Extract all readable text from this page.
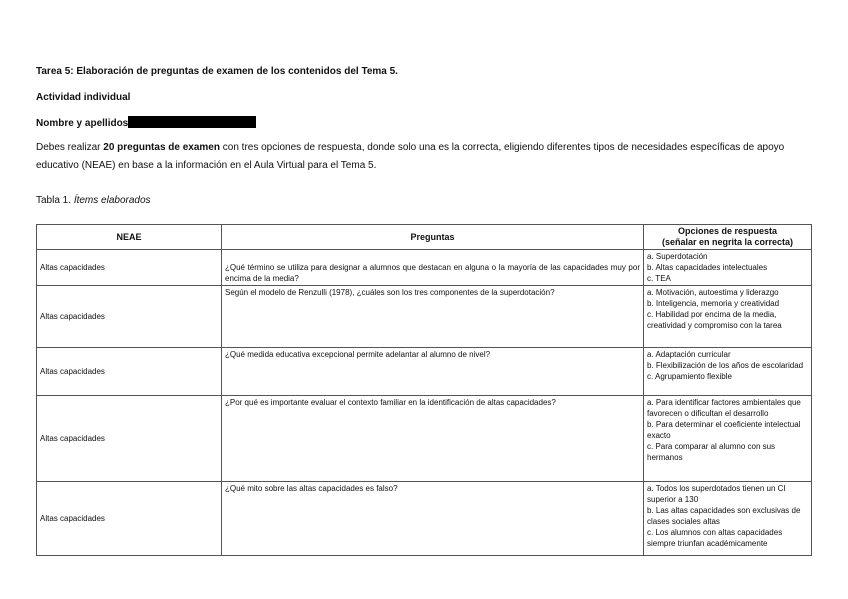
Tarea 5: Elaboración de preguntas de examen de los contenidos del Tema 5.
Actividad individual
Nombre y apellidos
Debes realizar 20 preguntas de examen con tres opciones de respuesta, donde solo una es la correcta, eligiendo diferentes tipos de necesidades específicas de apoyo educativo (NEAE) en base a la información en el Aula Virtual para el Tema 5.
Tabla 1. Ítems elaborados
NEAE	Preguntas	Opciones de respuesta
(señalar en negrita la correcta)

Altas capacidades	¿Qué término se utiliza para designar a alumnos que destacan en alguna o la mayoría de las capacidades muy por encima de la media?	a. Superdotación
b. Altas capacidades intelectuales
c. TEA

Altas capacidades	Según el modelo de Renzulli (1978), ¿cuáles son los tres componentes de la superdotación?	a. Motivación, autoestima y liderazgo
b. Inteligencia, memoria y creatividad
c. Habilidad por encima de la media, creatividad y compromiso con la tarea

Altas capacidades	¿Qué medida educativa excepcional permite adelantar al alumno de nivel?	a. Adaptación curricular
b. Flexibilización de los años de escolaridad
c. Agrupamiento flexible

Altas capacidades	¿Por qué es importante evaluar el contexto familiar en la identificación de altas capacidades?	a. Para identificar factores ambientales que favorecen o dificultan el desarrollo
b. Para determinar el coeficiente intelectual exacto
c. Para comparar al alumno con sus hermanos

Altas capacidades	¿Qué mito sobre las altas capacidades es falso?	a. Todos los superdotados tienen un CI superior a 130
b. Las altas capacidades son exclusivas de clases sociales altas
c. Los alumnos con altas capacidades siempre triunfan académicamente
